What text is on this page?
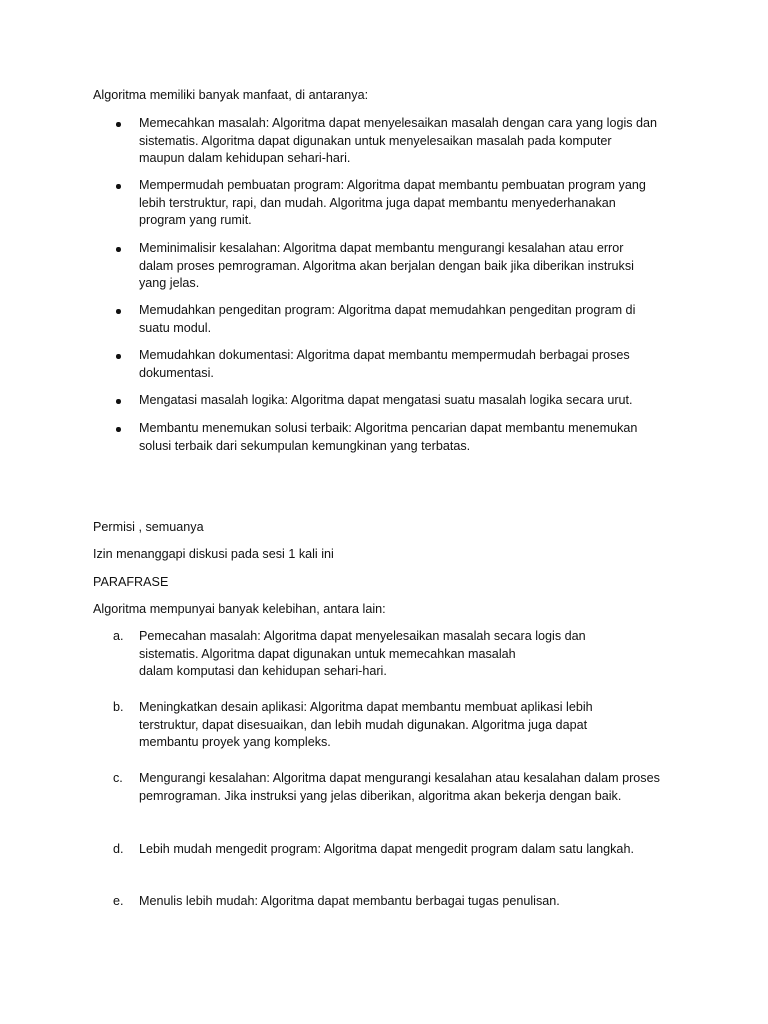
Algoritma memiliki banyak manfaat, di antaranya:

Memecahkan masalah: Algoritma dapat menyelesaikan masalah dengan cara yang logis dan
sistematis. Algoritma dapat digunakan untuk menyelesaikan masalah pada komputer
maupun dalam kehidupan sehari-hari.

Mempermudah pembuatan program: Algoritma dapat membantu pembuatan program yang
lebih terstruktur, rapi, dan mudah. Algoritma juga dapat membantu menyederhanakan
program yang rumit.

Meminimalisir kesalahan: Algoritma dapat membantu mengurangi kesalahan atau error
dalam proses pemrograman. Algoritma akan berjalan dengan baik jika diberikan instruksi
yang jelas.

Memudahkan pengeditan program: Algoritma dapat memudahkan pengeditan program di
suatu modul.

Memudahkan dokumentasi: Algoritma dapat membantu mempermudah berbagai proses
dokumentasi.

Mengatasi masalah logika: Algoritma dapat mengatasi suatu masalah logika secara urut.

Membantu menemukan solusi terbaik: Algoritma pencarian dapat membantu menemukan
solusi terbaik dari sekumpulan kemungkinan yang terbatas.

Permisi , semuanya

Izin menanggapi diskusi pada sesi 1 kali ini

PARAFRASE

Algoritma mempunyai banyak kelebihan, antara lain:

a. Pemecahan masalah: Algoritma dapat menyelesaikan masalah secara logis dan
sistematis. Algoritma dapat digunakan untuk memecahkan masalah
dalam komputasi dan kehidupan sehari-hari.

b. Meningkatkan desain aplikasi: Algoritma dapat membantu membuat aplikasi lebih
terstruktur, dapat disesuaikan, dan lebih mudah digunakan. Algoritma juga dapat
membantu proyek yang kompleks.

c. Mengurangi kesalahan: Algoritma dapat mengurangi kesalahan atau kesalahan dalam proses
pemrograman. Jika instruksi yang jelas diberikan, algoritma akan bekerja dengan baik.

d. Lebih mudah mengedit program: Algoritma dapat mengedit program dalam satu langkah.

e. Menulis lebih mudah: Algoritma dapat membantu berbagai tugas penulisan.
